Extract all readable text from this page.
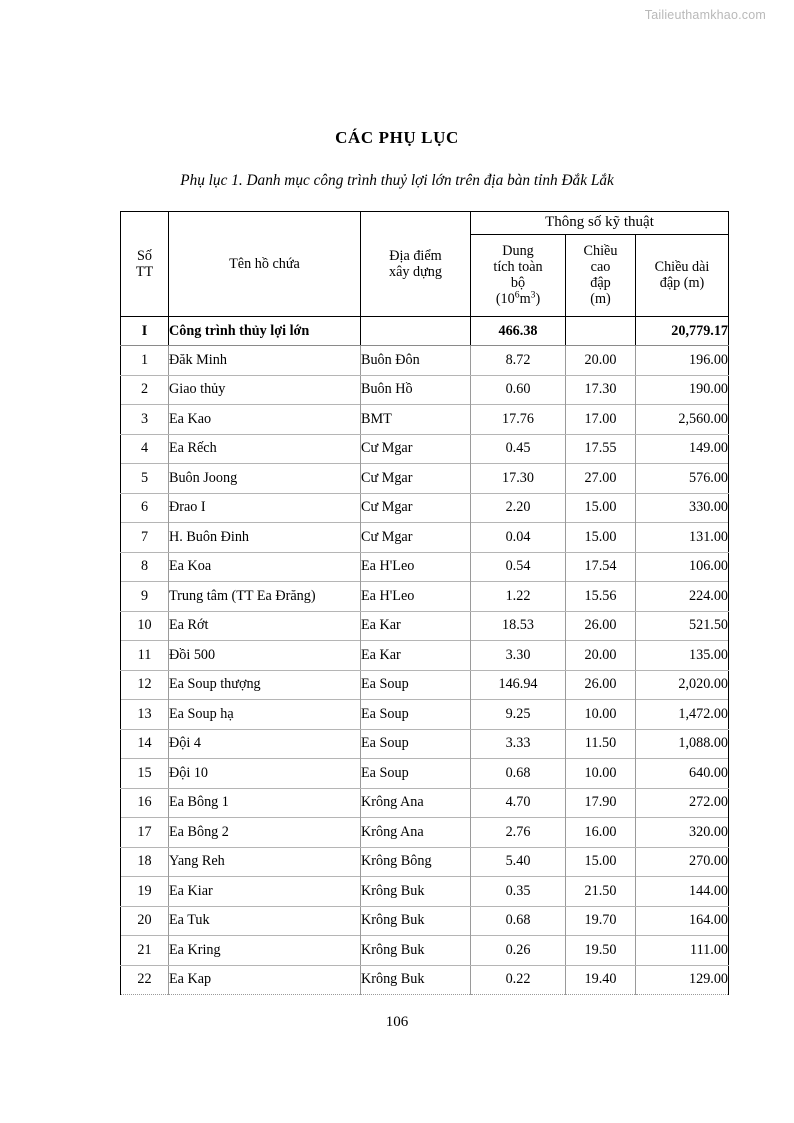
Tailieuthamkhao.com
CÁC PHỤ LỤC
Phụ lục 1. Danh mục công trình thuỷ lợi lớn trên địa bàn tỉnh Đắk Lắk
Số
TT
	Tên hồ chứa	
Địa điểm
xây dựng
	Thông số kỹ thuật

Dung
tích toàn
bộ
$(10^6m^3)$

Chiều
cao
đập
(m)

Chiều dài
đập (m)

I	Công trình thủy lợi lớn		466.38		20,779.17
1	Đăk Minh	Buôn Đôn	8.72	20.00	196.00
2	Giao thủy	Buôn Hồ	0.60	17.30	190.00
3	Ea Kao	BMT	17.76	17.00	2,560.00
4	Ea Rếch	Cư Mgar	0.45	17.55	149.00
5	Buôn Joong	Cư Mgar	17.30	27.00	576.00
6	Đrao I	Cư Mgar	2.20	15.00	330.00
7	H. Buôn Đinh	Cư Mgar	0.04	15.00	131.00
8	Ea Koa	Ea H'Leo	0.54	17.54	106.00
9	Trung tâm (TT Ea Đrăng)	Ea H'Leo	1.22	15.56	224.00
10	Ea Rớt	Ea Kar	18.53	26.00	521.50
11	Đồi 500	Ea Kar	3.30	20.00	135.00
12	Ea Soup thượng	Ea Soup	146.94	26.00	2,020.00
13	Ea Soup hạ	Ea Soup	9.25	10.00	1,472.00
14	Đội 4	Ea Soup	3.33	11.50	1,088.00
15	Đội 10	Ea Soup	0.68	10.00	640.00
16	Ea Bông 1	Krông Ana	4.70	17.90	272.00
17	Ea Bông 2	Krông Ana	2.76	16.00	320.00
18	Yang Reh	Krông Bông	5.40	15.00	270.00
19	Ea Kiar	Krông Buk	0.35	21.50	144.00
20	Ea Tuk	Krông Buk	0.68	19.70	164.00
21	Ea Kring	Krông Buk	0.26	19.50	111.00
22	Ea Kap	Krông Buk	0.22	19.40	129.00
106
